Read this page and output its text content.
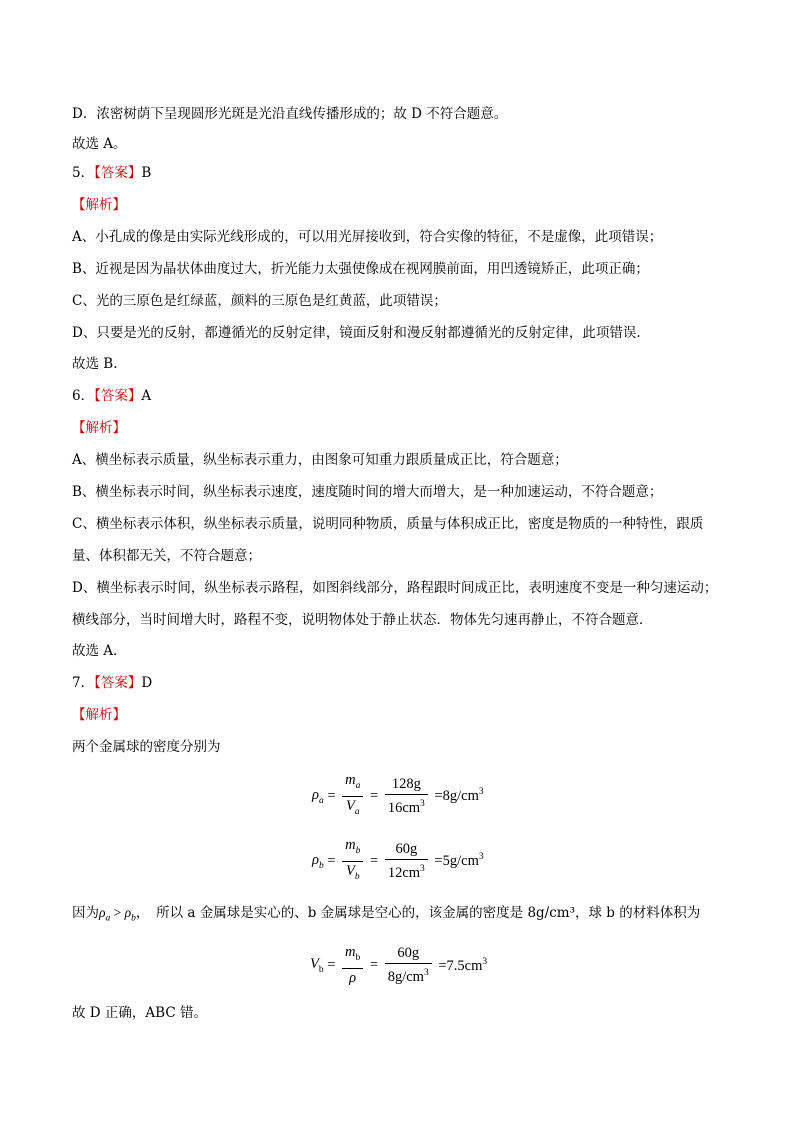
D．浓密树荫下呈现圆形光斑是光沿直线传播形成的；故 D 不符合题意。
故选 A。
5．【答案】B
【解析】
A、小孔成的像是由实际光线形成的，可以用光屏接收到，符合实像的特征，不是虚像，此项错误；
B、近视是因为晶状体曲度过大，折光能力太强使像成在视网膜前面，用凹透镜矫正，此项正确；
C、光的三原色是红绿蓝，颜料的三原色是红黄蓝，此项错误；
D、只要是光的反射，都遵循光的反射定律，镜面反射和漫反射都遵循光的反射定律，此项错误.
故选 B.
6．【答案】A
【解析】
A、横坐标表示质量，纵坐标表示重力，由图象可知重力跟质量成正比，符合题意；
B、横坐标表示时间，纵坐标表示速度，速度随时间的增大而增大，是一种加速运动，不符合题意；
C、横坐标表示体积，纵坐标表示质量，说明同种物质，质量与体积成正比，密度是物质的一种特性，跟质
量、体积都无关，不符合题意；
D、横坐标表示时间，纵坐标表示路程，如图斜线部分，路程跟时间成正比，表明速度不变是一种匀速运动；
横线部分，当时间增大时，路程不变，说明物体处于静止状态．物体先匀速再静止，不符合题意．
故选 A．
7．【答案】D
【解析】
两个金属球的密度分别为
$\rho_a = \frac{m_a}{V_a} = \frac{128g}{16cm^3} =8g/cm^3$
$\rho_b = \frac{m_b}{V_b} = \frac{60g}{12cm^3} =5g/cm^3$
因为$\rho_a > \rho_b$，　所以 a 金属球是实心的、b 金属球是空心的，该金属的密度是 8g/cm³，球 b 的材料体积为
$V_b = \frac{m_b}{\rho} = \frac{60g}{8g/cm^3} =7.5cm^3$
故 D 正确，ABC 错。
